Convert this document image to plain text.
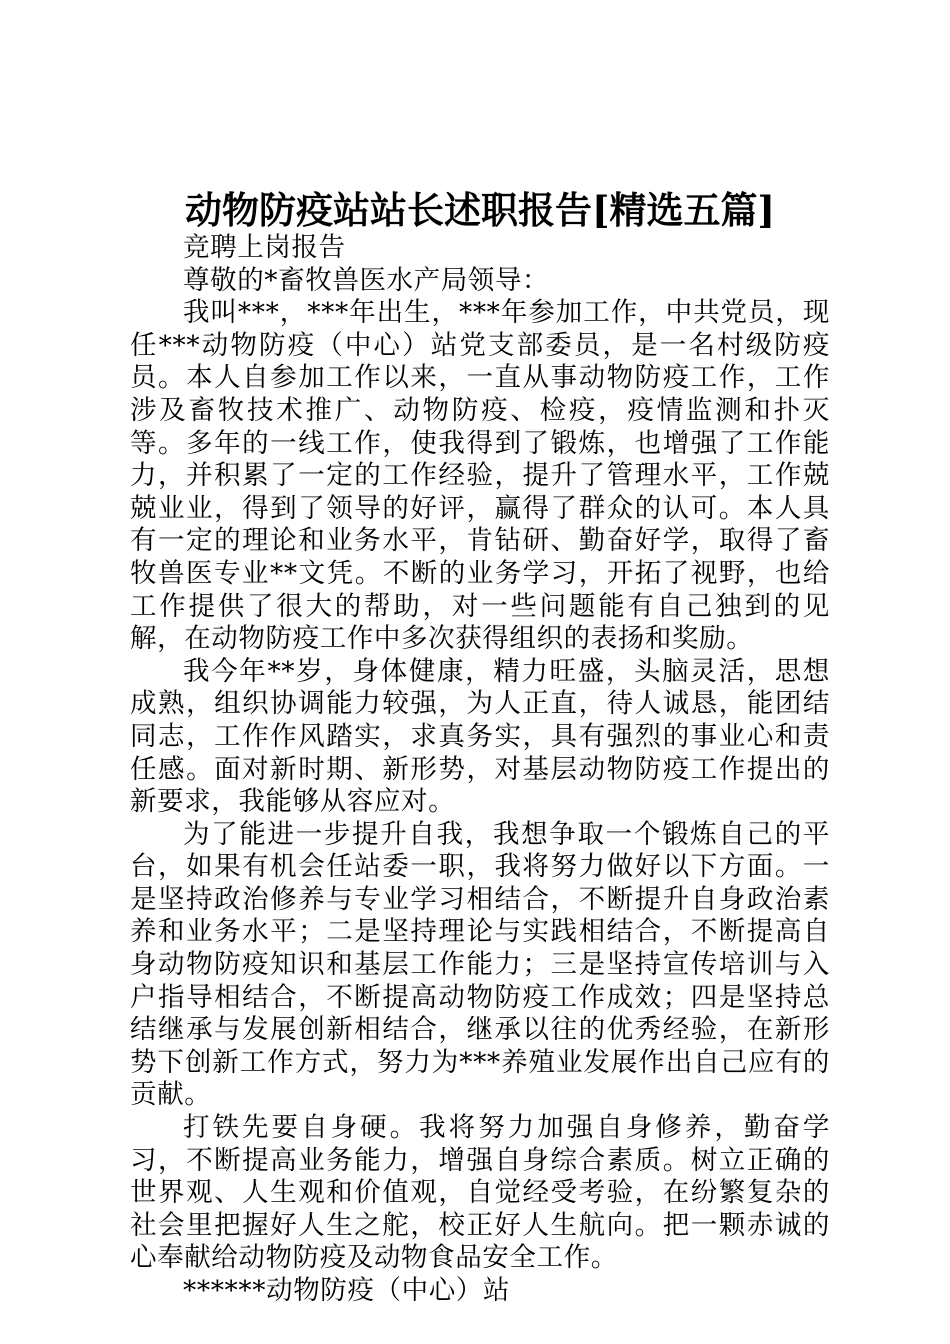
动物防疫站站长述职报告[精选五篇]

竞聘上岗报告

尊敬的*畜牧兽医水产局领导：

我叫***，***年出生，***年参加工作，中共党员，现任***动物防疫（中心）站党支部委员，是一名村级防疫员。本人自参加工作以来，一直从事动物防疫工作，工作涉及畜牧技术推广、动物防疫、检疫，疫情监测和扑灭等。多年的一线工作，使我得到了锻炼，也增强了工作能力，并积累了一定的工作经验，提升了管理水平，工作兢兢业业，得到了领导的好评，赢得了群众的认可。本人具有一定的理论和业务水平，肯钻研、勤奋好学，取得了畜牧兽医专业**文凭。不断的业务学习，开拓了视野，也给工作提供了很大的帮助，对一些问题能有自己独到的见解，在动物防疫工作中多次获得组织的表扬和奖励。

我今年**岁，身体健康，精力旺盛，头脑灵活，思想成熟，组织协调能力较强，为人正直，待人诚恳，能团结同志，工作作风踏实，求真务实，具有强烈的事业心和责任感。面对新时期、新形势，对基层动物防疫工作提出的新要求，我能够从容应对。

为了能进一步提升自我，我想争取一个锻炼自己的平台，如果有机会任站委一职，我将努力做好以下方面。一是坚持政治修养与专业学习相结合，不断提升自身政治素养和业务水平；二是坚持理论与实践相结合，不断提高自身动物防疫知识和基层工作能力；三是坚持宣传培训与入户指导相结合，不断提高动物防疫工作成效；四是坚持总结继承与发展创新相结合，继承以往的优秀经验，在新形势下创新工作方式，努力为***养殖业发展作出自己应有的贡献。

打铁先要自身硬。我将努力加强自身修养，勤奋学习，不断提高业务能力，增强自身综合素质。树立正确的世界观、人生观和价值观，自觉经受考验，在纷繁复杂的社会里把握好人生之舵，校正好人生航向。把一颗赤诚的心奉献给动物防疫及动物食品安全工作。

******动物防疫（中心）站
